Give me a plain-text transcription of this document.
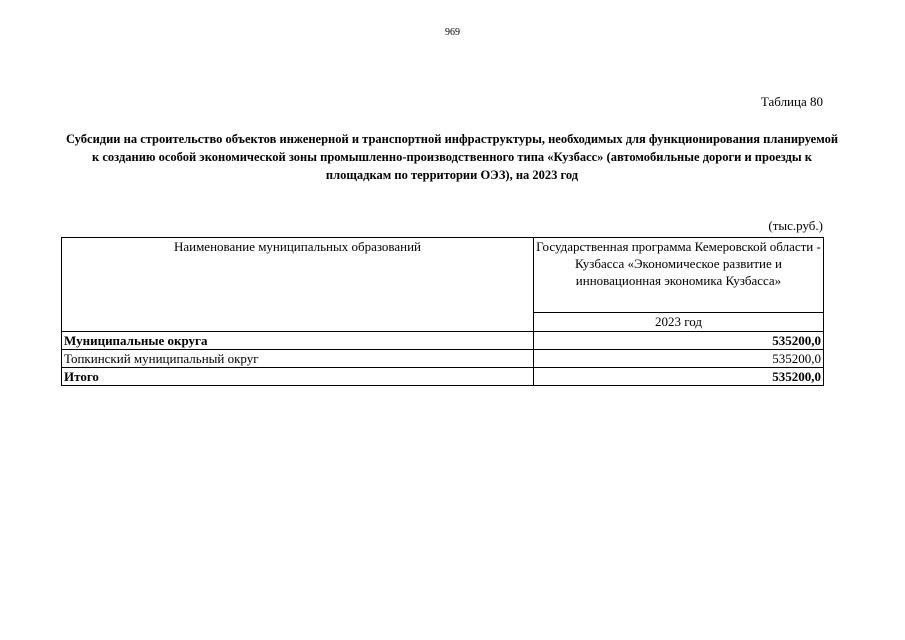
969
Таблица 80
Субсидии на строительство объектов инженерной и транспортной инфраструктуры, необходимых для функционирования планируемой к созданию особой экономической зоны промышленно-производственного типа «Кузбасс» (автомобильные дороги и проезды к площадкам по территории ОЭЗ), на 2023 год
(тыс.руб.)
Наименование муниципальных образований	Государственная программа Кемеровской области - Кузбасса «Экономическое развитие и инновационная экономика Кузбасса»
	2023 год
Муниципальные округа	535200,0
Топкинский муниципальный округ	535200,0
Итого	535200,0
